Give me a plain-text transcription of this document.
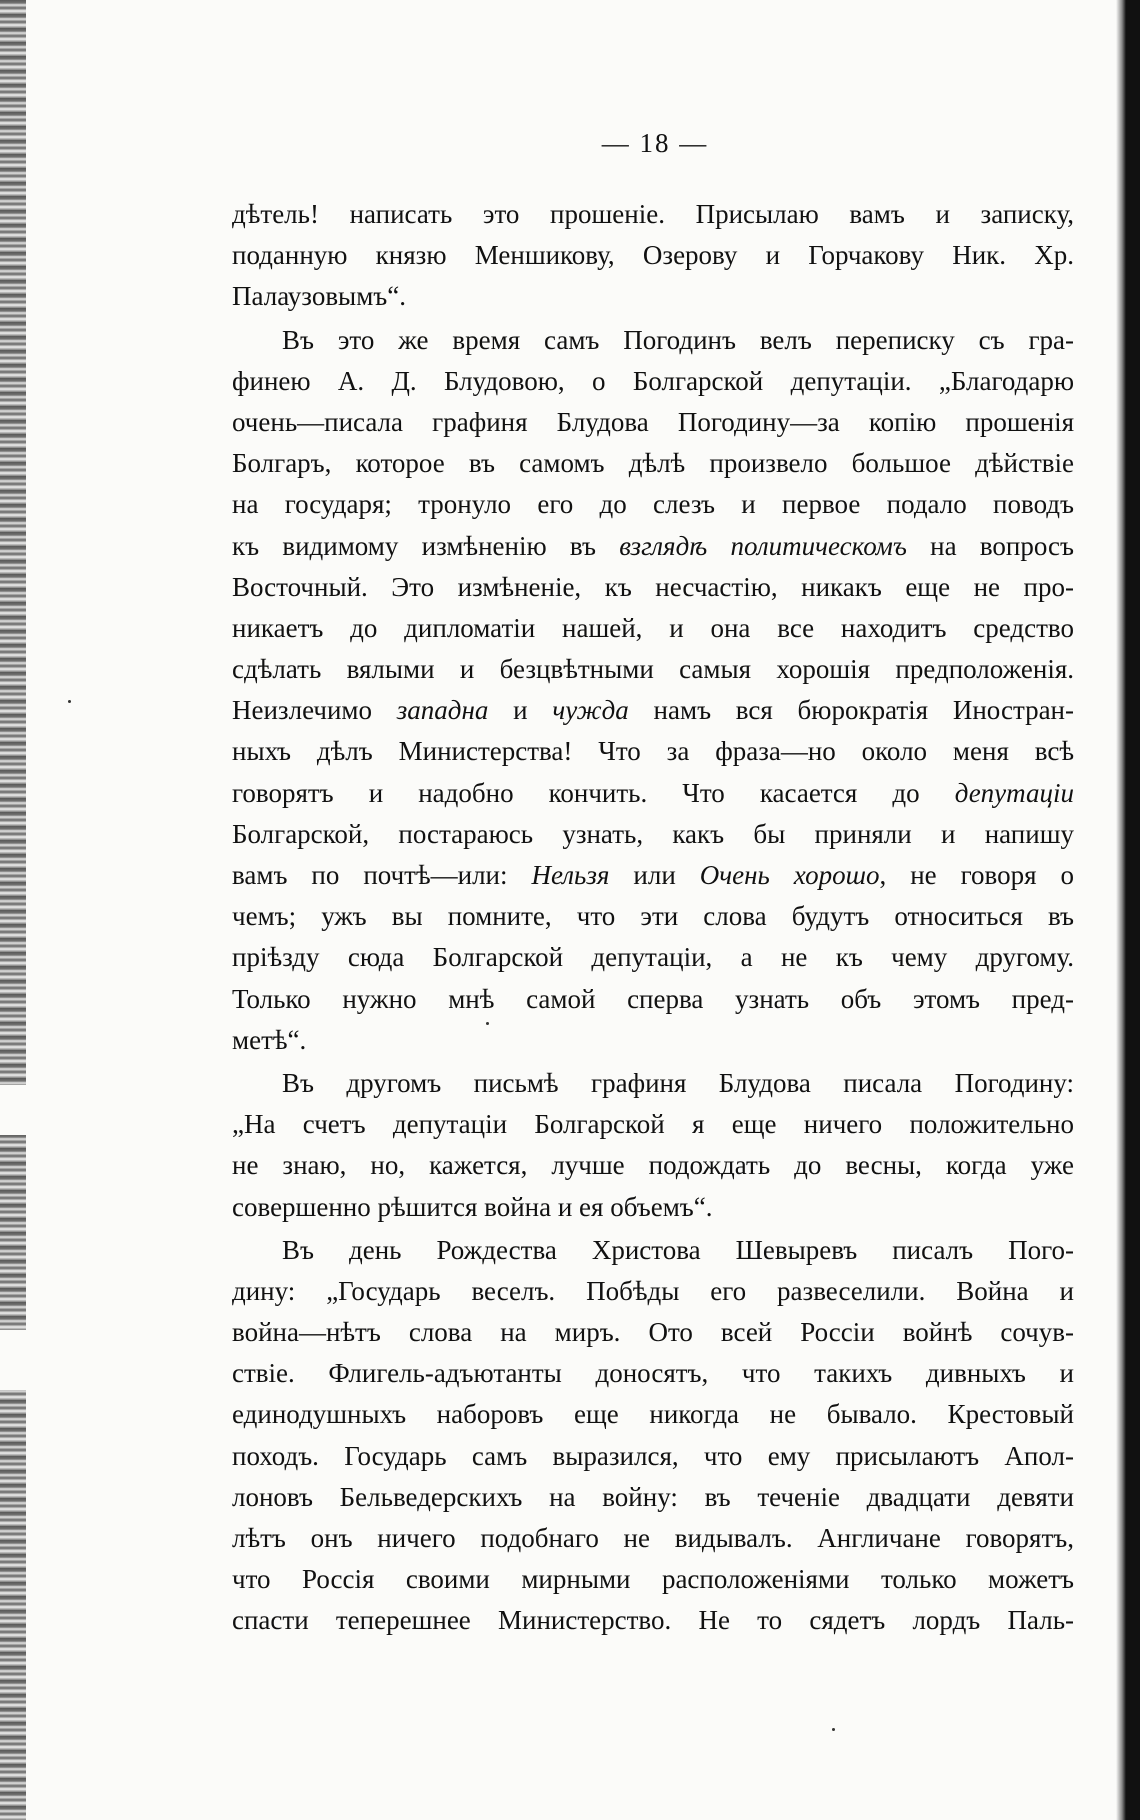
— 18 —
дѣтель! написать это прошеніе. Присылаю вамъ и записку,
поданную князю Меншикову, Озерову и Горчакову Ник. Хр.
Палаузовымъ“.
Въ это же время самъ Погодинъ велъ переписку съ гра-
финею А. Д. Блудовою, о Болгарской депутаціи. „Благодарю
очень—писала графиня Блудова Погодину—за копію прошенія
Болгаръ, которое въ самомъ дѣлѣ произвело большое дѣйствіе
на государя; тронуло его до слезъ и первое подало поводъ
къ видимому измѣненію въ взглядѣ политическомъ на вопросъ
Восточный. Это измѣненіе, къ несчастію, никакъ еще не про-
никаетъ до дипломатіи нашей, и она все находитъ средство
сдѣлать вялыми и безцвѣтными самыя хорошія предположенія.
Неизлечимо западна и чужда намъ вся бюрократія Иностран-
ныхъ дѣлъ Министерства! Что за фраза—но около меня всѣ
говорятъ и надобно кончить. Что касается до депутаціи
Болгарской, постараюсь узнать, какъ бы приняли и напишу
вамъ по почтѣ—или: Нельзя или Очень хорошо, не говоря о
чемъ; ужъ вы помните, что эти слова будутъ относиться въ
пріѣзду сюда Болгарской депутаціи, а не къ чему другому.
Только нужно мнѣ самой сперва узнать объ этомъ пред-
метѣ“.
Въ другомъ письмѣ графиня Блудова писала Погодину:
„На счетъ депутаціи Болгарской я еще ничего положительно
не знаю, но, кажется, лучше подождать до весны, когда уже
совершенно рѣшится война и ея объемъ“.
Въ день Рождества Христова Шевыревъ писалъ Пого-
дину: „Государь веселъ. Побѣды его развеселили. Война и
война—нѣтъ слова на миръ. Ото всей Россіи войнѣ сочув-
ствіе. Флигель-адъютанты доносятъ, что такихъ дивныхъ и
единодушныхъ наборовъ еще никогда не бывало. Крестовый
походъ. Государь самъ выразился, что ему присылаютъ Апол-
лоновъ Бельведерскихъ на войну: въ теченіе двадцати девяти
лѣтъ онъ ничего подобнаго не видывалъ. Англичане говорятъ,
что Россія своими мирными расположеніями только можетъ
спасти теперешнее Министерство. Не то сядетъ лордъ Паль-
